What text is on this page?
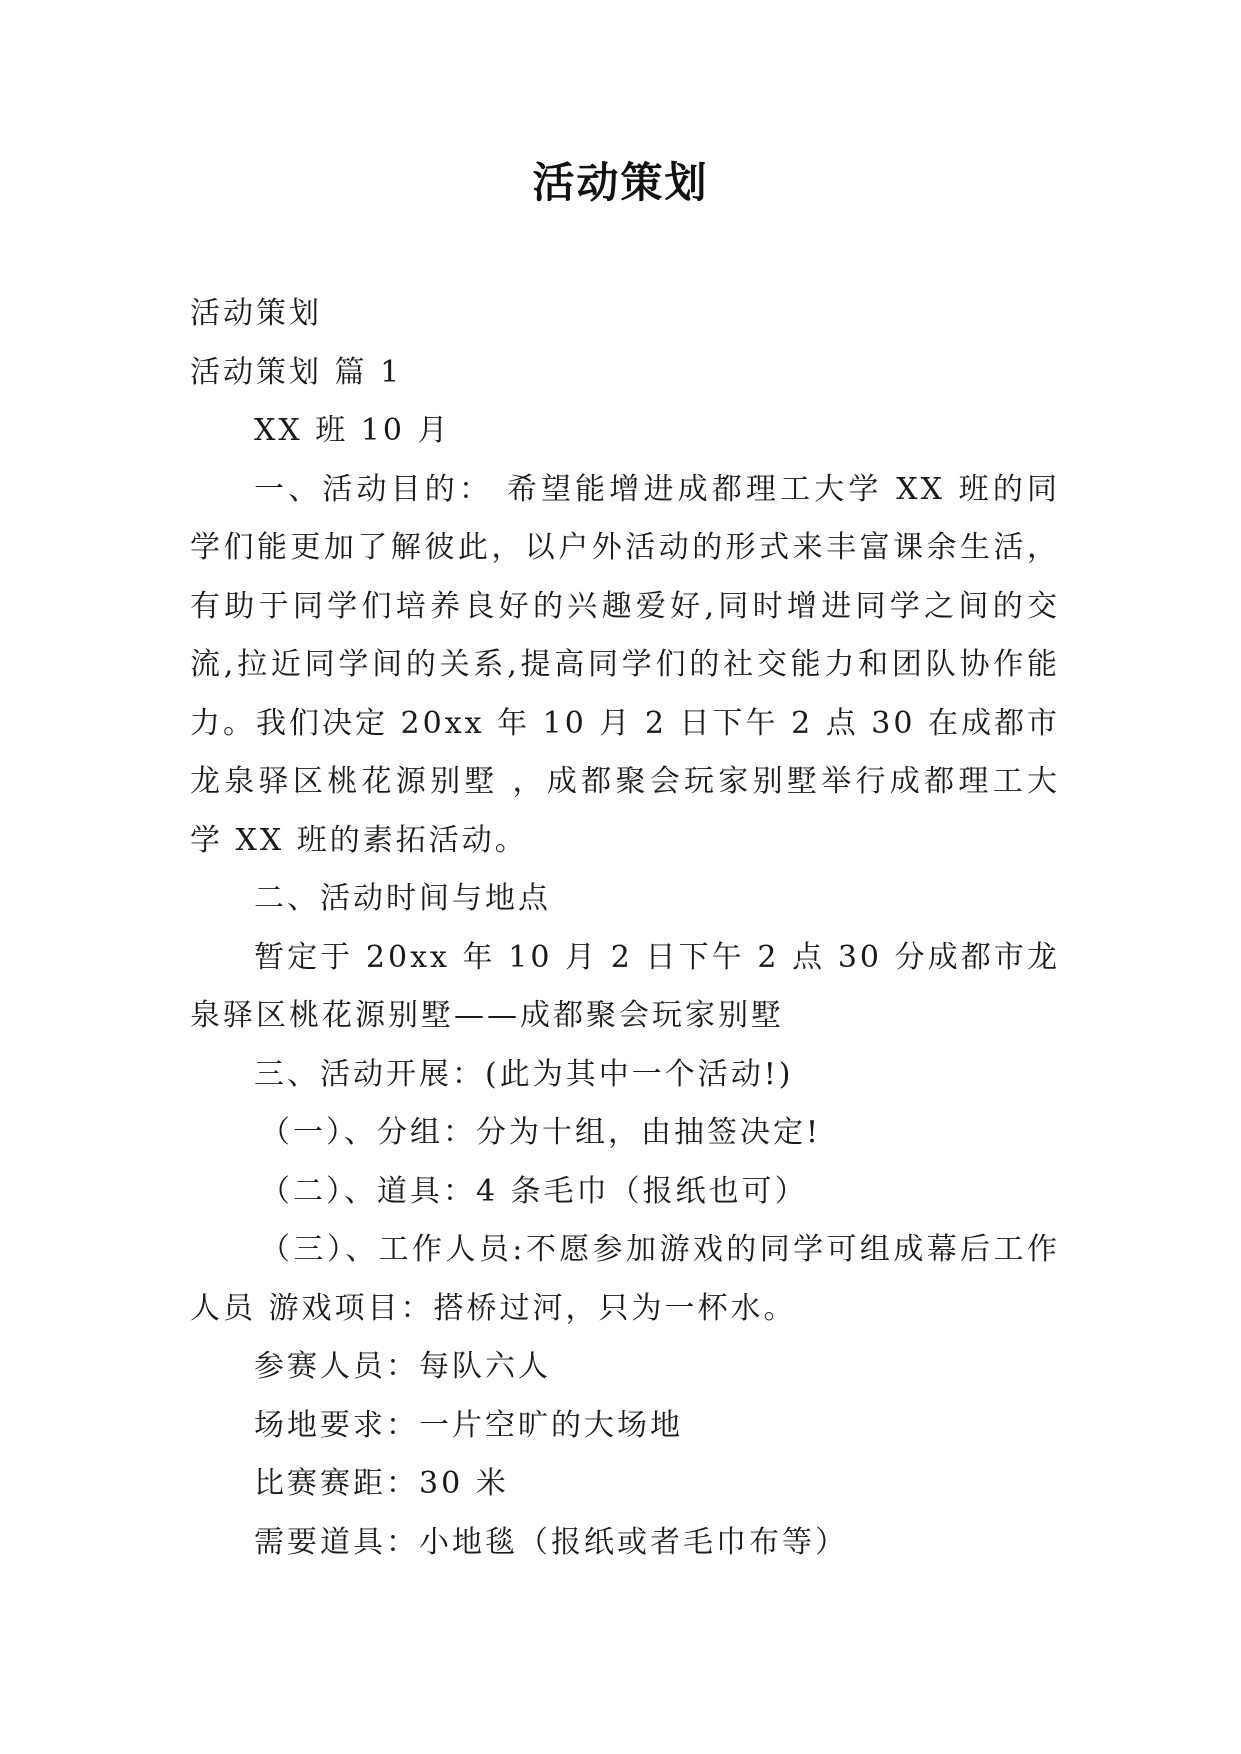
活动策划

活动策划

活动策划 篇 1

XX 班 10 月

一、活动目的： 希望能增进成都理工大学 XX 班的同学们能更加了解彼此，以户外活动的形式来丰富课余生活，有助于同学们培养良好的兴趣爱好,同时增进同学之间的交流,拉近同学间的关系,提高同学们的社交能力和团队协作能力。我们决定 20xx 年 10 月 2 日下午 2 点 30 在成都市龙泉驿区桃花源别墅 ，成都聚会玩家别墅举行成都理工大学 XX 班的素拓活动。

二、活动时间与地点

暂定于 20xx 年 10 月 2 日下午 2 点 30 分成都市龙泉驿区桃花源别墅——成都聚会玩家别墅

三、活动开展：(此为其中一个活动!)

（一）、分组：分为十组，由抽签决定!

（二）、道具：4 条毛巾（报纸也可）

（三）、工作人员:不愿参加游戏的同学可组成幕后工作人员 游戏项目：搭桥过河，只为一杯水。

参赛人员：每队六人

场地要求：一片空旷的大场地

比赛赛距：30 米

需要道具：小地毯（报纸或者毛巾布等）
